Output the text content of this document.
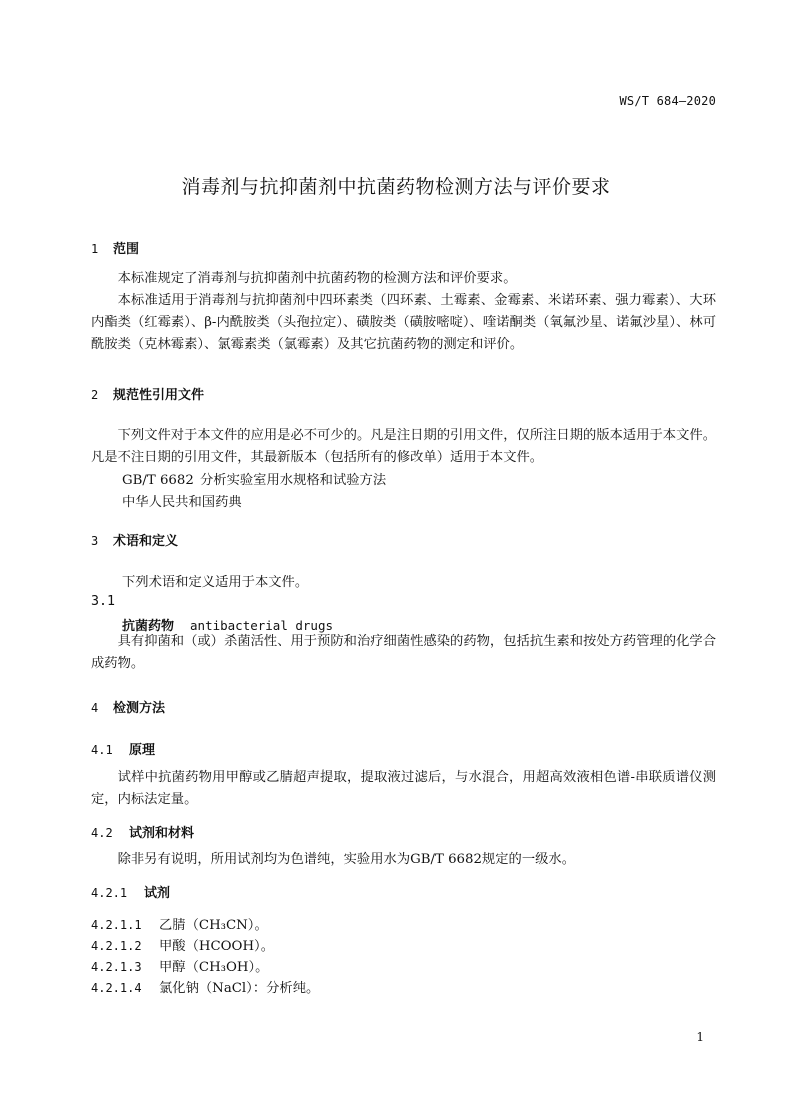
WS/T 684—2020
消毒剂与抗抑菌剂中抗菌药物检测方法与评价要求
1 范围
本标准规定了消毒剂与抗抑菌剂中抗菌药物的检测方法和评价要求。
本标准适用于消毒剂与抗抑菌剂中四环素类（四环素、土霉素、金霉素、米诺环素、强力霉素）、大环内酯类（红霉素）、β-内酰胺类（头孢拉定）、磺胺类（磺胺嘧啶）、喹诺酮类（氧氟沙星、诺氟沙星）、林可酰胺类（克林霉素）、氯霉素类（氯霉素）及其它抗菌药物的测定和评价。
2 规范性引用文件
下列文件对于本文件的应用是必不可少的。凡是注日期的引用文件，仅所注日期的版本适用于本文件。凡是不注日期的引用文件，其最新版本（包括所有的修改单）适用于本文件。
GB/T 6682 分析实验室用水规格和试验方法
中华人民共和国药典
3 术语和定义
下列术语和定义适用于本文件。
3.1
抗菌药物 antibacterial drugs
具有抑菌和（或）杀菌活性、用于预防和治疗细菌性感染的药物，包括抗生素和按处方药管理的化学合成药物。
4 检测方法
4.1 原理
试样中抗菌药物用甲醇或乙腈超声提取，提取液过滤后，与水混合，用超高效液相色谱-串联质谱仪测定，内标法定量。
4.2 试剂和材料
除非另有说明，所用试剂均为色谱纯，实验用水为GB/T 6682规定的一级水。
4.2.1 试剂
4.2.1.1 乙腈（CH₃CN）。
4.2.1.2 甲酸（HCOOH）。
4.2.1.3 甲醇（CH₃OH）。
4.2.1.4 氯化钠（NaCl）：分析纯。
1
